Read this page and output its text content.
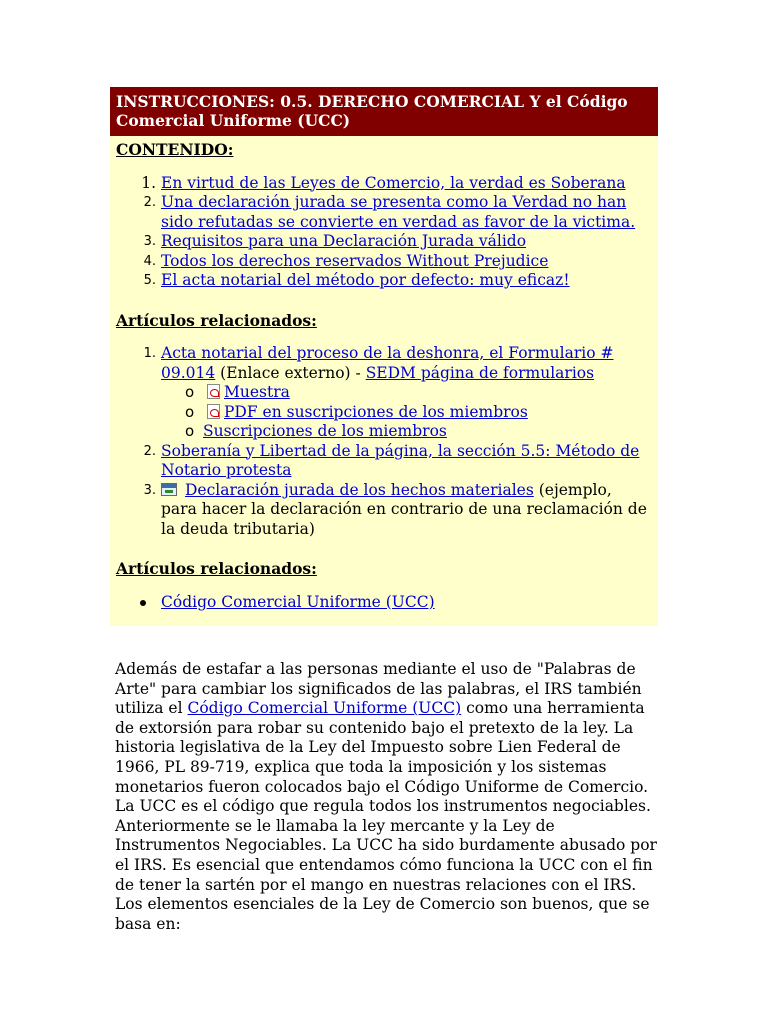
INSTRUCCIONES: 0.5. DERECHO COMERCIAL Y el Código Comercial Uniforme (UCC)
CONTENIDO:
1. En virtud de las Leyes de Comercio, la verdad es Soberana
2. Una declaración jurada se presenta como la Verdad no han sido refutadas se convierte en verdad as favor de la victima.
3. Requisitos para una Declaración Jurada válido
4. Todos los derechos reservados Without Prejudice
5. El acta notarial del método por defecto: muy eficaz!
Artículos relacionados:
1. Acta notarial del proceso de la deshonra, el Formulario # 09.014 (Enlace externo) - SEDM página de formularios
o Muestra
o PDF en suscripciones de los miembros
o Suscripciones de los miembros
2. Soberanía y Libertad de la página, la sección 5.5: Método de Notario protesta
3. Declaración jurada de los hechos materiales (ejemplo, para hacer la declaración en contrario de una reclamación de la deuda tributaria)
Artículos relacionados:
Código Comercial Uniforme (UCC)
Además de estafar a las personas mediante el uso de "Palabras de Arte" para cambiar los significados de las palabras, el IRS también utiliza el Código Comercial Uniforme (UCC) como una herramienta de extorsión para robar su contenido bajo el pretexto de la ley. La historia legislativa de la Ley del Impuesto sobre Lien Federal de 1966, PL 89-719, explica que toda la imposición y los sistemas monetarios fueron colocados bajo el Código Uniforme de Comercio. La UCC es el código que regula todos los instrumentos negociables. Anteriormente se le llamaba la ley mercante y la Ley de Instrumentos Negociables. La UCC ha sido burdamente abusado por el IRS. Es esencial que entendamos cómo funciona la UCC con el fin de tener la sartén por el mango en nuestras relaciones con el IRS. Los elementos esenciales de la Ley de Comercio son buenos, que se basa en:
